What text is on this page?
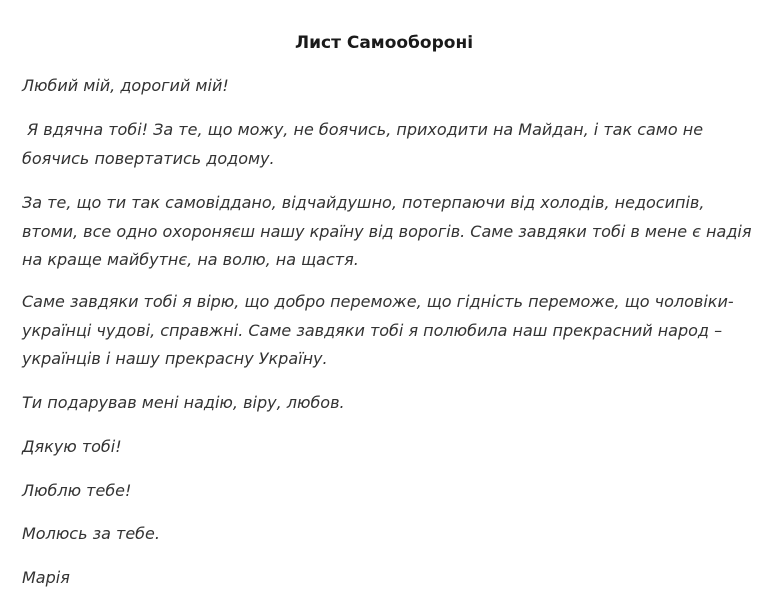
Лист Самообороні

Любий мій, дорогий мій!

Я вдячна тобі! За те, що можу, не боячись, приходити на Майдан, і так само не
боячись повертатись додому.

За те, що ти так самовіддано, відчайдушно, потерпаючи від холодів, недосипів,
втоми, все одно охороняєш нашу країну від ворогів. Саме завдяки тобі в мене є надія
на краще майбутнє, на волю, на щастя.

Саме завдяки тобі я вірю, що добро переможе, що гідність переможе, що чоловіки-
українці чудові, справжні. Саме завдяки тобі я полюбила наш прекрасний народ –
українців і нашу прекрасну Україну.

Ти подарував мені надію, віру, любов.

Дякую тобі!

Люблю тебе!

Молюсь за тебе.

Марія
